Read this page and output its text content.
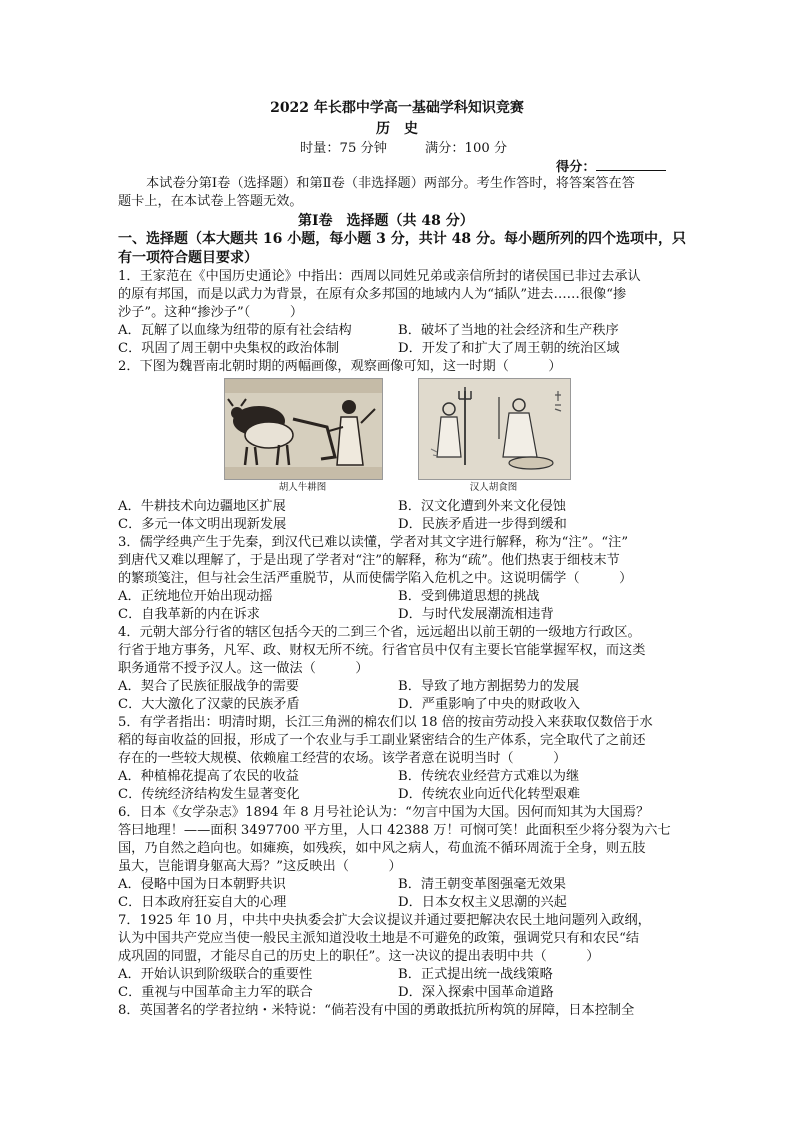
2022 年长郡中学高一基础学科知识竞赛
历　史
时量：75 分钟	满分：100 分
得分：
本试卷分第Ⅰ卷（选择题）和第Ⅱ卷（非选择题）两部分。考生作答时，将答案答在答
题卡上，在本试卷上答题无效。
第Ⅰ卷　选择题（共 48 分）
一、选择题（本大题共 16 小题，每小题 3 分，共计 48 分。每小题所列的四个选项中，只
有一项符合题目要求）
1．王家范在《中国历史通论》中指出：西周以同姓兄弟或亲信所封的诸侯国已非过去承认
的原有邦国，而是以武力为背景，在原有众多邦国的地域内人为“插队”进去……很像“掺
沙子”。这种“掺沙子”（　　　）
A．瓦解了以血缘为纽带的原有社会结构	B．破坏了当地的社会经济和生产秩序
C．巩固了周王朝中央集权的政治体制	D．开发了和扩大了周王朝的统治区域
2．下图为魏晋南北朝时期的两幅画像，观察画像可知，这一时期（　　　）
胡人牛耕图	汉人胡食图
A．牛耕技术向边疆地区扩展	B．汉文化遭到外来文化侵蚀
C．多元一体文明出现新发展	D．民族矛盾进一步得到缓和
3．儒学经典产生于先秦，到汉代已难以读懂，学者对其文字进行解释，称为“注”。“注”
到唐代又难以理解了，于是出现了学者对“注”的解释，称为“疏”。他们热衷于细枝末节
的繁琐笺注，但与社会生活严重脱节，从而使儒学陷入危机之中。这说明儒学（　　　）
A．正统地位开始出现动摇	B．受到佛道思想的挑战
C．自我革新的内在诉求	D．与时代发展潮流相违背
4．元朝大部分行省的辖区包括今天的二到三个省，远远超出以前王朝的一级地方行政区。
行省于地方事务，凡军、政、财权无所不统。行省官员中仅有主要长官能掌握军权，而这类
职务通常不授予汉人。这一做法（　　　）
A．契合了民族征服战争的需要	B．导致了地方割据势力的发展
C．大大激化了汉蒙的民族矛盾	D．严重影响了中央的财政收入
5．有学者指出：明清时期，长江三角洲的棉农们以 18 倍的按亩劳动投入来获取仅数倍于水
稻的每亩收益的回报，形成了一个农业与手工副业紧密结合的生产体系，完全取代了之前还
存在的一些较大规模、依赖雇工经营的农场。该学者意在说明当时（　　　）
A．种植棉花提高了农民的收益	B．传统农业经营方式难以为继
C．传统经济结构发生显著变化	D．传统农业向近代化转型艰难
6．日本《女学杂志》1894 年 8 月号社论认为：“勿言中国为大国。因何而知其为大国焉？
答曰地理！——面积 3497700 平方里，人口 42388 万！可悯可笑！此面积至少将分裂为六七
国，乃自然之趋向也。如瘫痪，如残疾，如中风之病人，苟血流不循环周流于全身，则五肢
虽大，岂能谓身躯高大焉？”这反映出（　　　）
A．侵略中国为日本朝野共识	B．清王朝变革图强毫无效果
C．日本政府狂妄自大的心理	D．日本女权主义思潮的兴起
7．1925 年 10 月，中共中央执委会扩大会议提议并通过要把解决农民土地问题列入政纲，
认为中国共产党应当使一般民主派知道没收土地是不可避免的政策，强调党只有和农民“结
成巩固的同盟，才能尽自己的历史上的职任”。这一决议的提出表明中共（　　　）
A．开始认识到阶级联合的重要性	B．正式提出统一战线策略
C．重视与中国革命主力军的联合	D．深入探索中国革命道路
8．英国著名的学者拉纳・米特说：“倘若没有中国的勇敢抵抗所构筑的屏障，日本控制全
